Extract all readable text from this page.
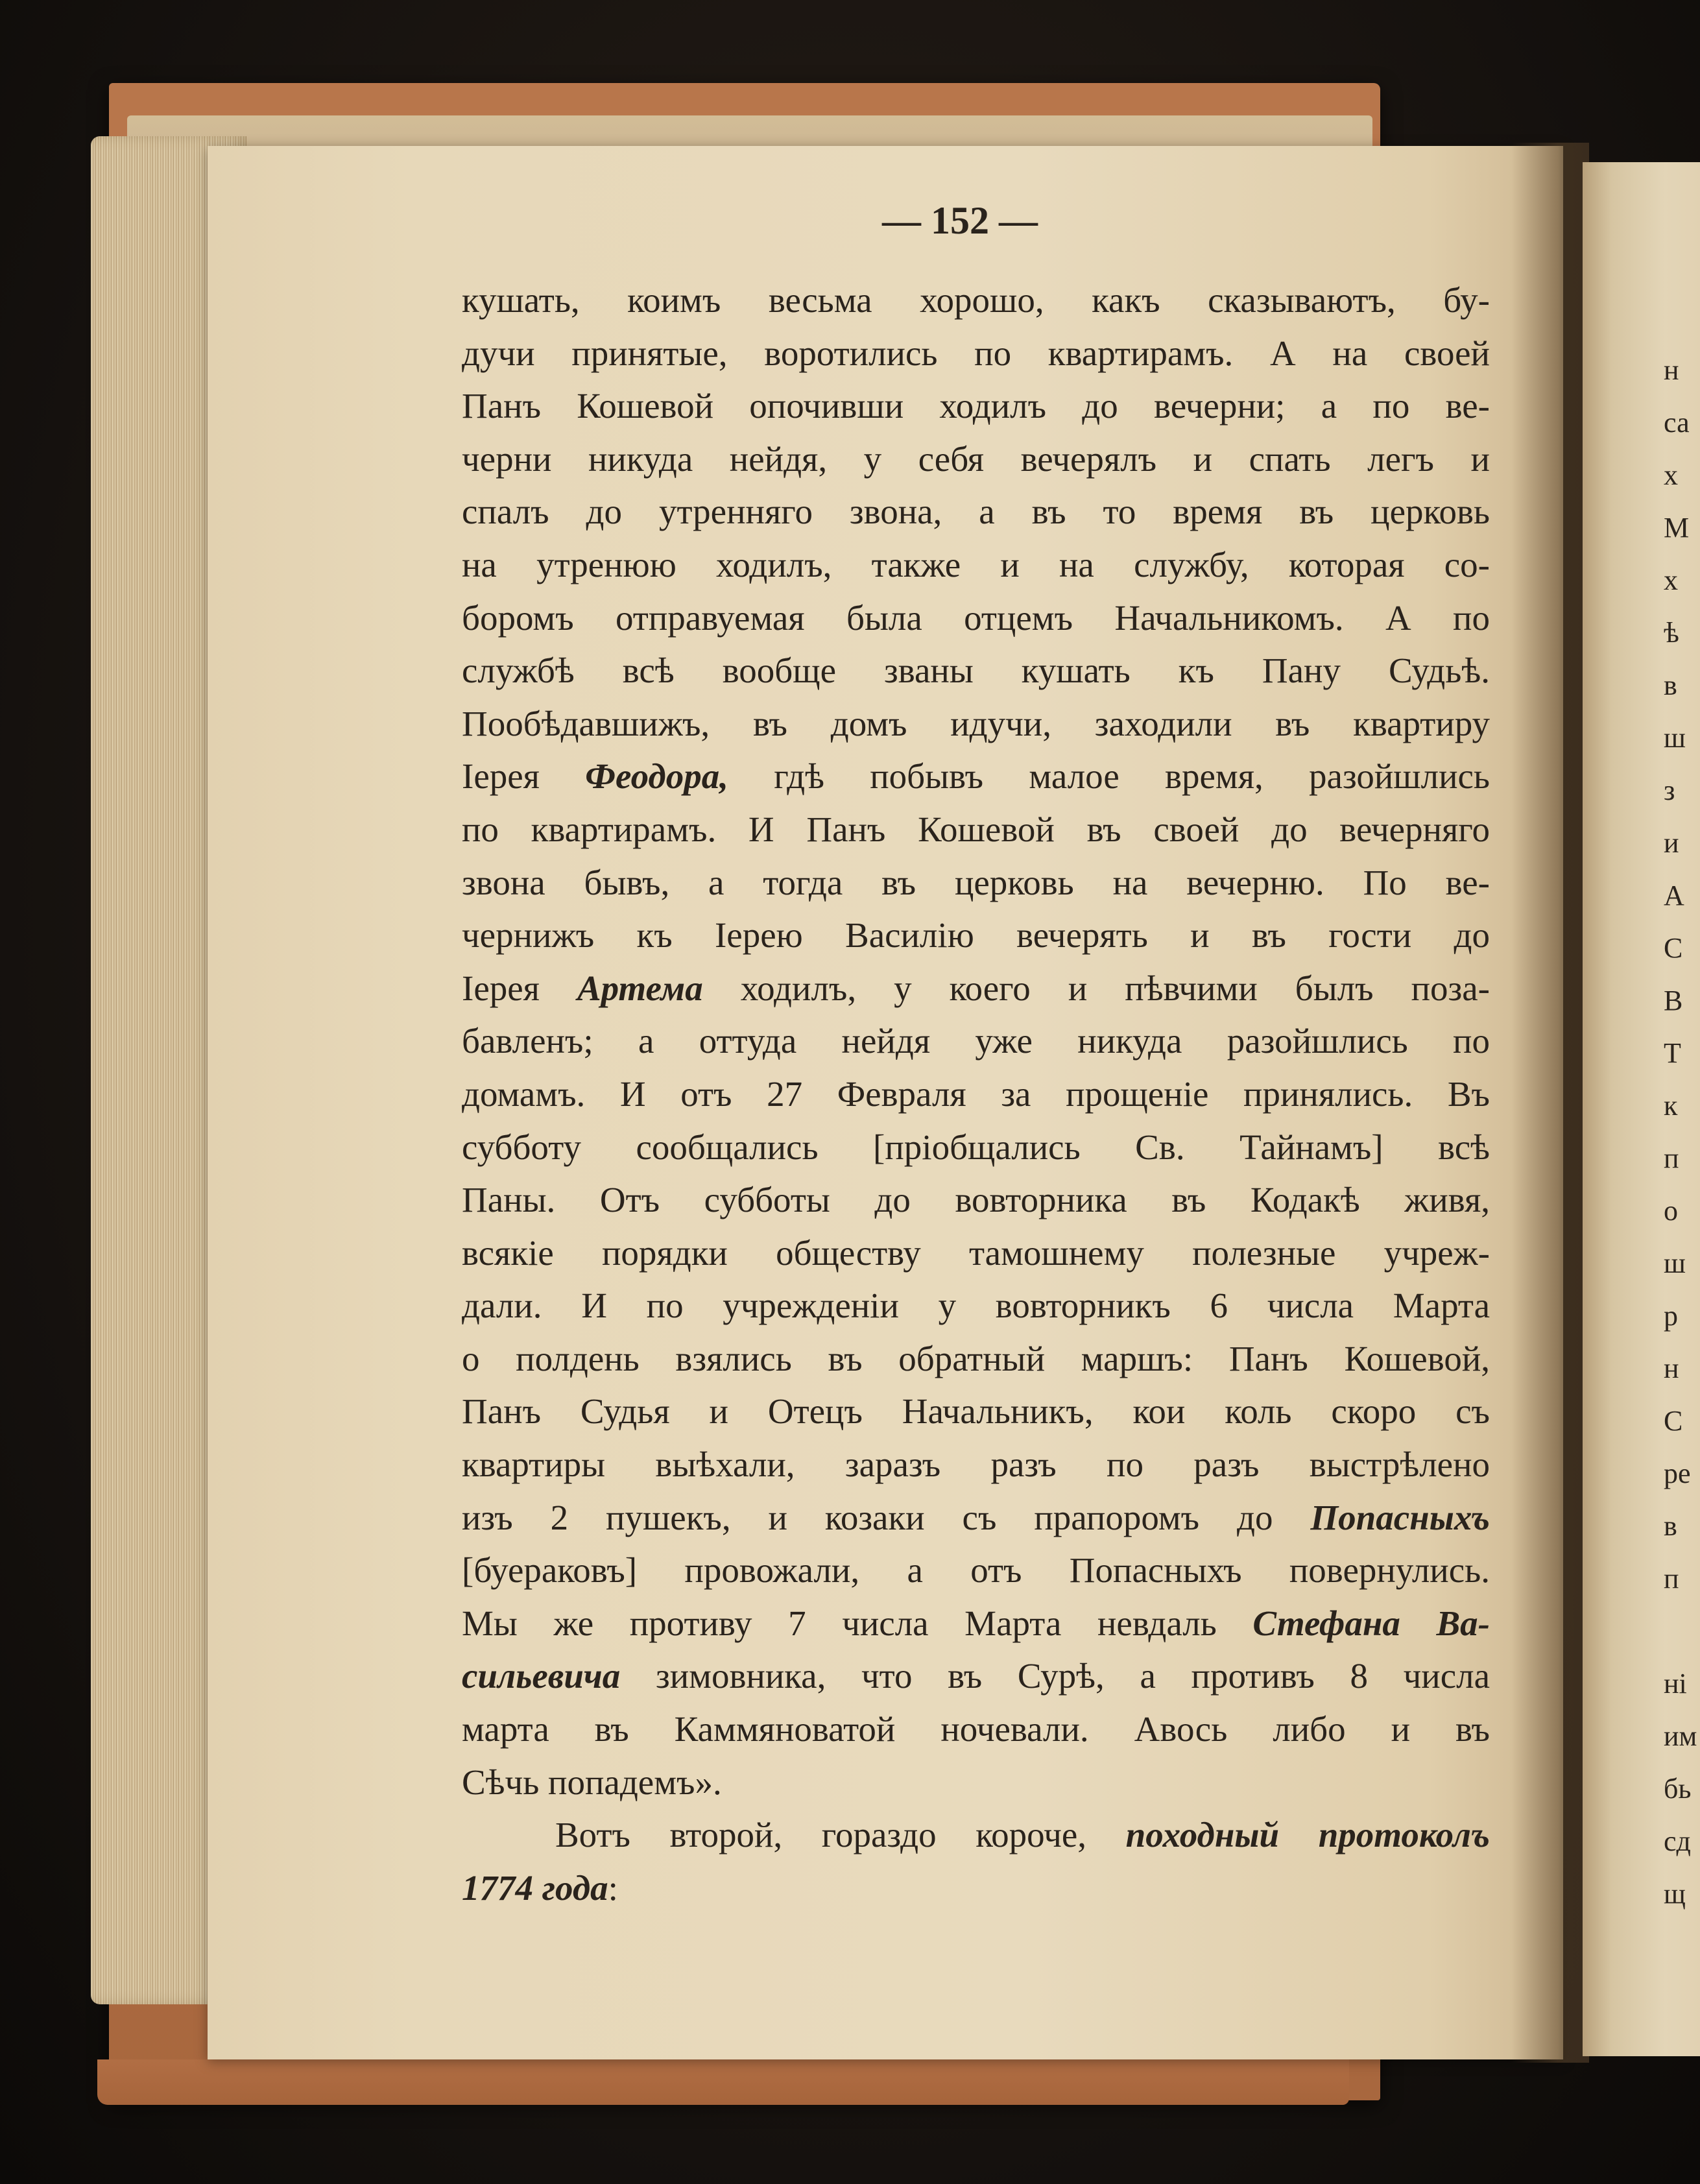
н
са
х
М
х
ѣ
в
ш
з
и
А
С
В
Т
к
п
о
ш
р
н
С
ре
в
п
ні
им
бь
сд
щ
— 152 —
кушать, коимъ весьма хорошо, какъ сказываютъ, бу-
дучи принятые, воротились по квартирамъ. А на своей
Панъ Кошевой опочивши ходилъ до вечерни; а по ве-
черни никуда нейдя, у себя вечерялъ и спать легъ и
спалъ до утренняго звона, а въ то время въ церковь
на утренюю ходилъ, также и на службу, которая со-
боромъ отправуемая была отцемъ Начальникомъ. А по
службѣ всѣ вообще званы кушать къ Пану Судьѣ.
Пообѣдавшижъ, въ домъ идучи, заходили въ квартиру
Іерея Феодора, гдѣ побывъ малое время, разойшлись
по квартирамъ. И Панъ Кошевой въ своей до вечерняго
звона бывъ, а тогда въ церковь на вечерню. По ве-
чернижъ къ Іерею Василію вечерять и въ гости до
Іерея Артема ходилъ, у коего и пѣвчими былъ поза-
бавленъ; а оттуда нейдя уже никуда разойшлись по
домамъ. И отъ 27 Февраля за прощеніе принялись. Въ
субботу сообщались [пріобщались Св. Тайнамъ] всѣ
Паны. Отъ субботы до вовторника въ Кодакѣ живя,
всякіе порядки обществу тамошнему полезные учреж-
дали. И по учрежденіи у вовторникъ 6 числа Марта
о полдень взялись въ обратный маршъ: Панъ Кошевой,
Панъ Судья и Отецъ Начальникъ, кои коль скоро съ
квартиры выѣхали, заразъ разъ по разъ выстрѣлено
изъ 2 пушекъ, и козаки съ прапоромъ до Попасныхъ
[буераковъ] провожали, а отъ Попасныхъ повернулись.
Мы же противу 7 числа Марта невдаль Стефана Ва-
сильевича зимовника, что въ Сурѣ, а противъ 8 числа
марта въ Каммяноватой ночевали. Авось либо и въ
Сѣчь попадемъ».
Вотъ второй, гораздо короче, походный протоколъ
1774 года:
